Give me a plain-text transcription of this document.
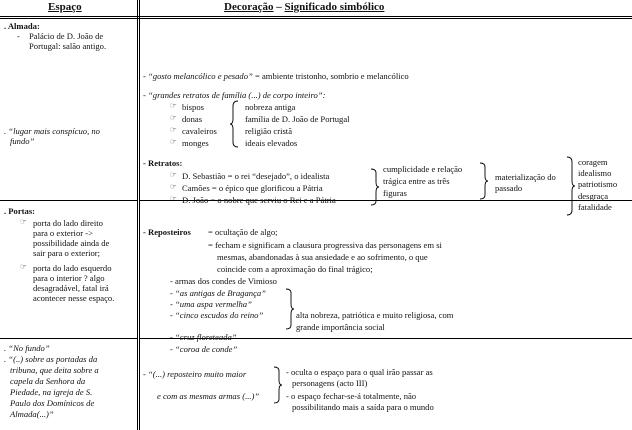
Espaço	Decoração – Significado simbólico
. Almada:
- Palácio de D. João de
Portugal: salão antigo.
. “lugar mais conspícuo, no
fundo”
. Portas:
☞ porta do lado direito
para o exterior ->
possibilidade ainda de
sair para o exterior;
☞ porta do lado esquerdo
para o interior ? algo
desagradável, fatal irá
acontecer nesse espaço.
. “No fundo”
. “(..) sobre as portadas da
tribuna, que deita sobre a
capela da Senhora da
Piedade, na igreja de S.
Paulo dos Domínicos de
Almada(...)”
- “gosto melancólico e pesado” = ambiente tristonho, sombrio e melancólico
- “grandes retratos de família (...) de corpo inteiro”:
☞ bispos
☞ donas
☞ cavaleiros
☞ monges
nobreza antiga
família de D. João de Portugal
religião cristã
ideais elevados
- Retratos:
☞ D. Sebastião = o rei “desejado”, o idealista
☞ Camões = o épico que glorificou a Pátria
☞ D. João = o nobre que serviu o Rei e a Pátria
cumplicidade e relação
trágica entre as três
figuras
materialização do
passado
coragem
idealismo
patriotismo
desgraça
fatalidade
- Reposteiros = ocultação de algo;
= fecham e significam a clausura progressiva das personagens em si
mesmas, abandonadas à sua ansiedade e ao sofrimento, o que
coincide com a aproximação do final trágico;
- armas dos condes de Vimioso
- “as antigas de Bragança”
- “uma aspa vermelha”
- “cinco escudos do reino”
- “cruz floreteada”
- “coroa de conde”
alta nobreza, patriótica e muito religiosa, com
grande importância social
- “(...) reposteiro muito maior
e com as mesmas armas (...)”
- oculta o espaço para o qual irão passar as
personagens (acto III)
- o espaço fechar-se-á totalmente, não
possibilitando mais a saída para o mundo
